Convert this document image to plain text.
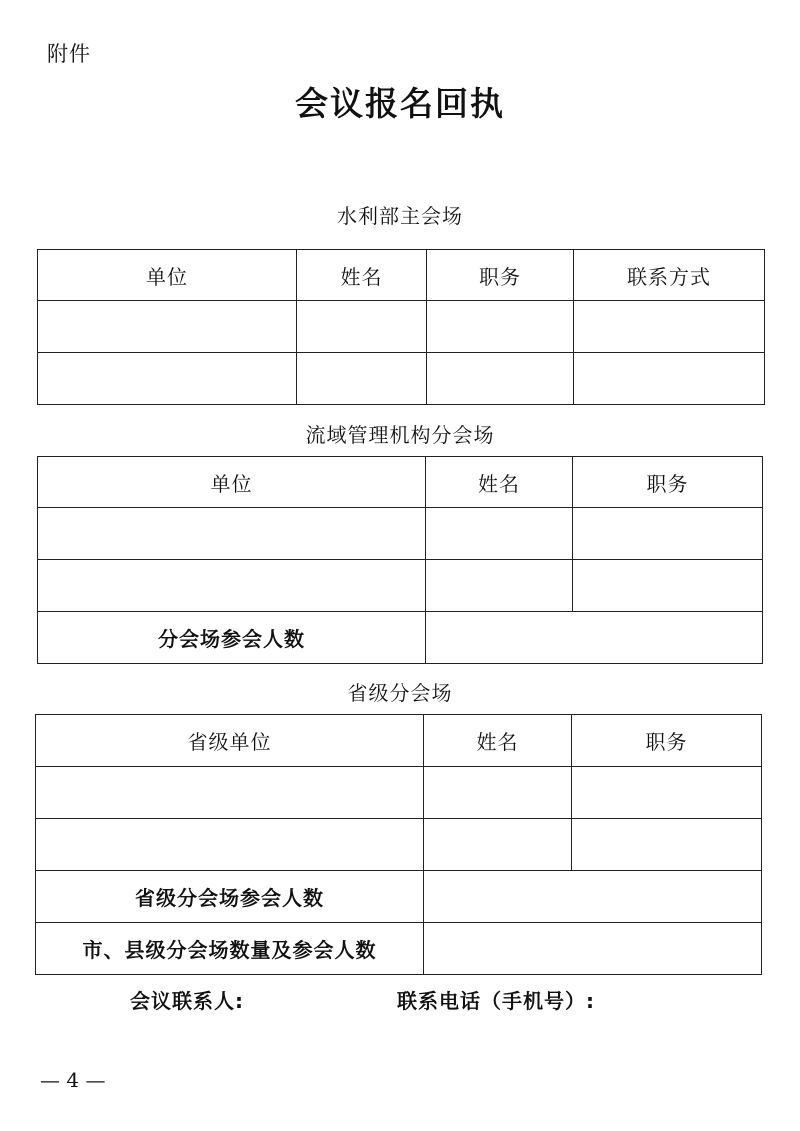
附件
会议报名回执
水利部主会场
单位	姓名	职务	联系方式

流域管理机构分会场
单位	姓名	职务

分会场参会人数		
省级分会场
省级单位	姓名	职务

省级分会场参会人数		
市、县级分会场数量及参会人数		
会议联系人:	联系电话（手机号）:
— 4 —
